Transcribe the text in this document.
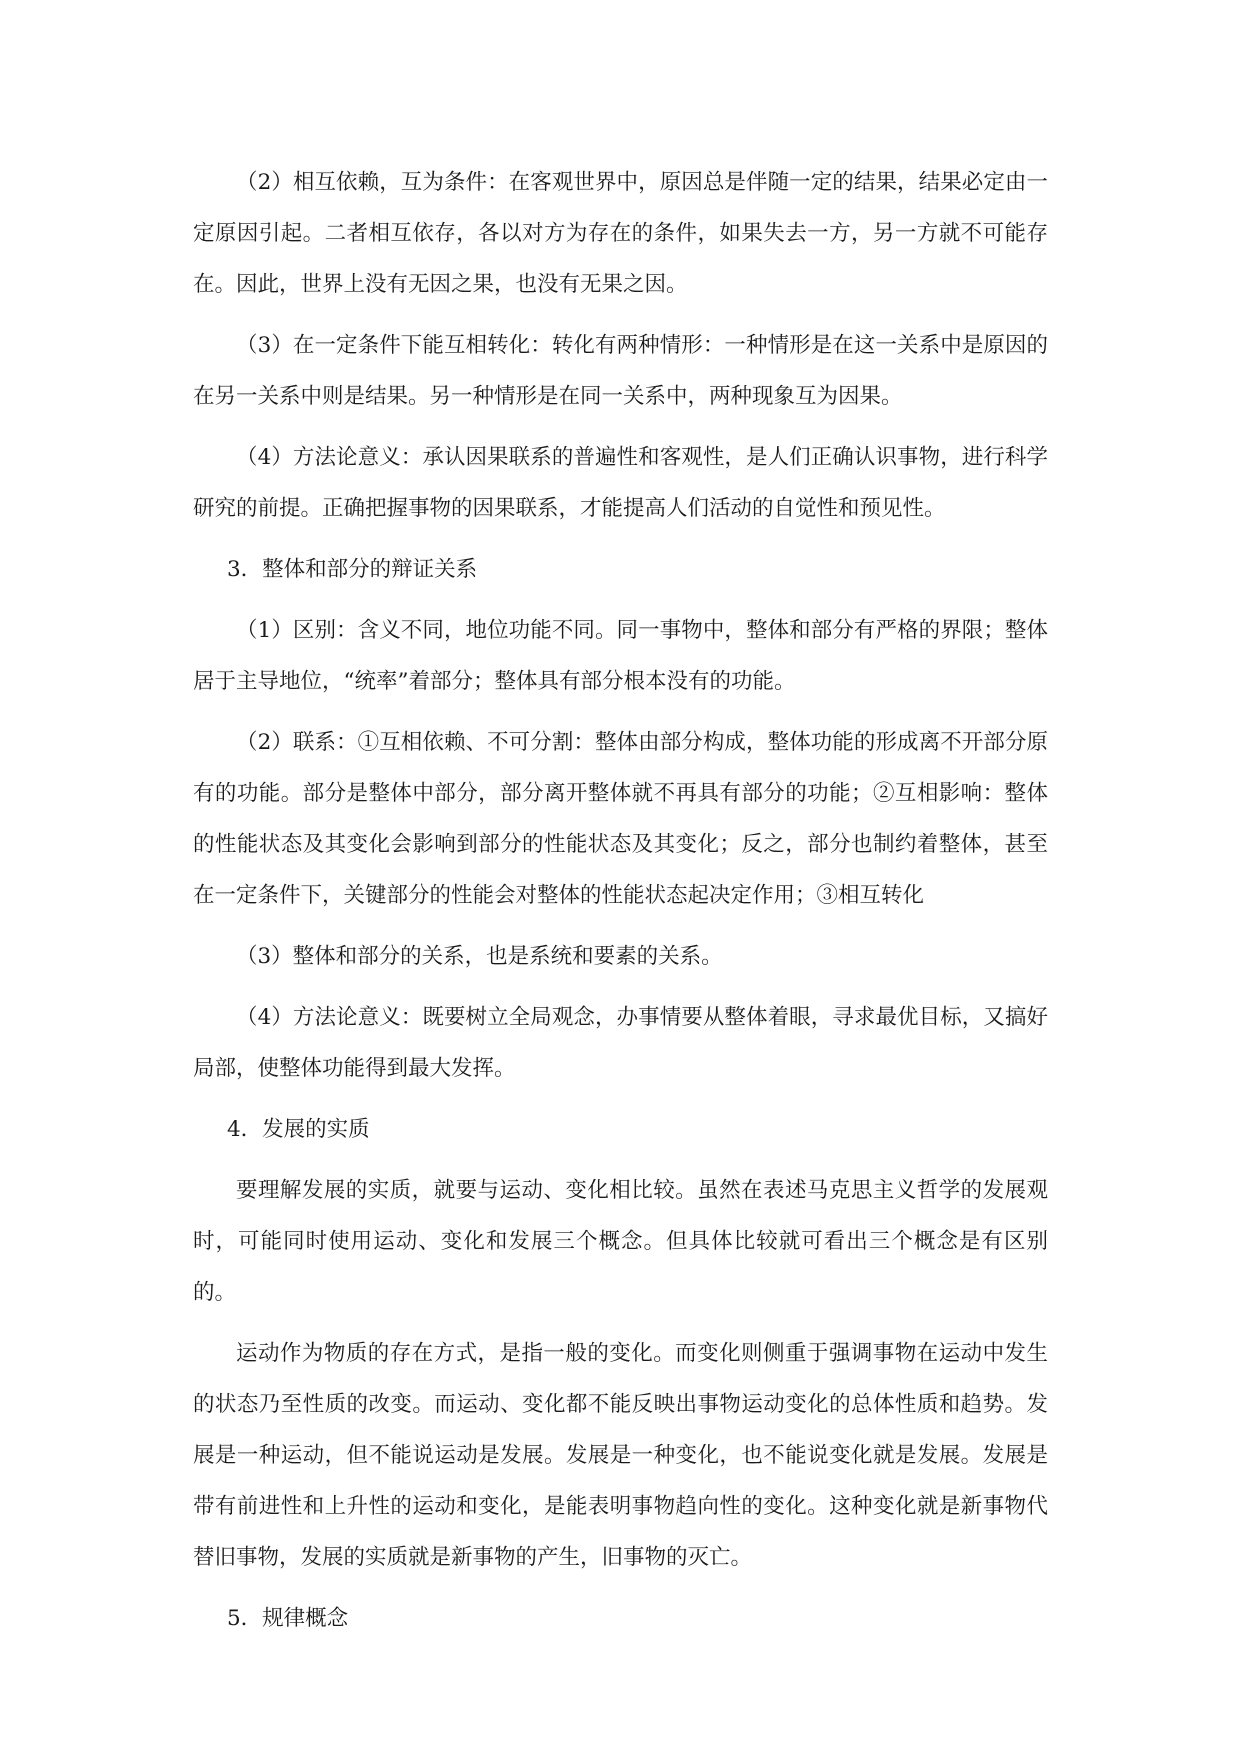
（2）相互依赖，互为条件：在客观世界中，原因总是伴随一定的结果，结果必定由一定原因引起。二者相互依存，各以对方为存在的条件，如果失去一方，另一方就不可能存在。因此，世界上没有无因之果，也没有无果之因。

（3）在一定条件下能互相转化：转化有两种情形：一种情形是在这一关系中是原因的在另一关系中则是结果。另一种情形是在同一关系中，两种现象互为因果。

（4）方法论意义：承认因果联系的普遍性和客观性，是人们正确认识事物，进行科学研究的前提。正确把握事物的因果联系，才能提高人们活动的自觉性和预见性。

3．整体和部分的辩证关系

（1）区别：含义不同，地位功能不同。同一事物中，整体和部分有严格的界限；整体居于主导地位，“统率”着部分；整体具有部分根本没有的功能。

（2）联系：①互相依赖、不可分割：整体由部分构成，整体功能的形成离不开部分原有的功能。部分是整体中部分，部分离开整体就不再具有部分的功能；②互相影响：整体的性能状态及其变化会影响到部分的性能状态及其变化；反之，部分也制约着整体，甚至在一定条件下，关键部分的性能会对整体的性能状态起决定作用；③相互转化

（3）整体和部分的关系，也是系统和要素的关系。

（4）方法论意义：既要树立全局观念，办事情要从整体着眼，寻求最优目标，又搞好局部，使整体功能得到最大发挥。

4．发展的实质

要理解发展的实质，就要与运动、变化相比较。虽然在表述马克思主义哲学的发展观时，可能同时使用运动、变化和发展三个概念。但具体比较就可看出三个概念是有区别的。

运动作为物质的存在方式，是指一般的变化。而变化则侧重于强调事物在运动中发生的状态乃至性质的改变。而运动、变化都不能反映出事物运动变化的总体性质和趋势。发展是一种运动，但不能说运动是发展。发展是一种变化，也不能说变化就是发展。发展是带有前进性和上升性的运动和变化，是能表明事物趋向性的变化。这种变化就是新事物代替旧事物，发展的实质就是新事物的产生，旧事物的灭亡。

5．规律概念
